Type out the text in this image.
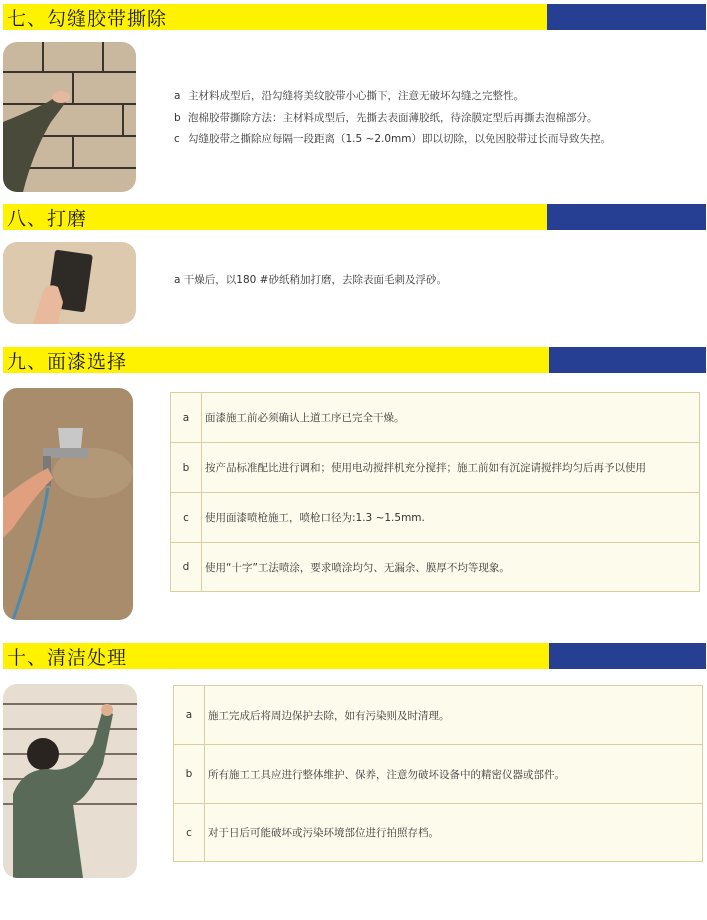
七、勾缝胶带撕除
a 主材料成型后，沿勾缝将美纹胶带小心撕下，注意无破坏勾缝之完整性。
b 泡棉胶带撕除方法：主材料成型后，先撕去表面薄胶纸，待涂膜定型后再撕去泡棉部分。
c 勾缝胶带之撕除应每隔一段距离（1.5 ~2.0mm）即以切除，以免因胶带过长而导致失控。
八、打磨
a 干燥后，以180 #砂纸稍加打磨，去除表面毛刺及浮砂。
九、面漆选择
a	面漆施工前必须确认上道工序已完全干燥。
b	按产品标准配比进行调和；使用电动搅拌机充分搅拌；施工前如有沉淀请搅拌均匀后再予以使用
c	使用面漆喷枪施工，喷枪口径为:1.3 ~1.5mm.
d	使用“十字”工法喷涂，要求喷涂均匀、无漏余、膜厚不均等现象。
十、清洁处理
a	施工完成后将周边保护去除，如有污染则及时清理。
b	所有施工工具应进行整体维护、保养，注意勿破坏设备中的精密仪器或部件。
c	对于日后可能破坏或污染环境部位进行拍照存档。
